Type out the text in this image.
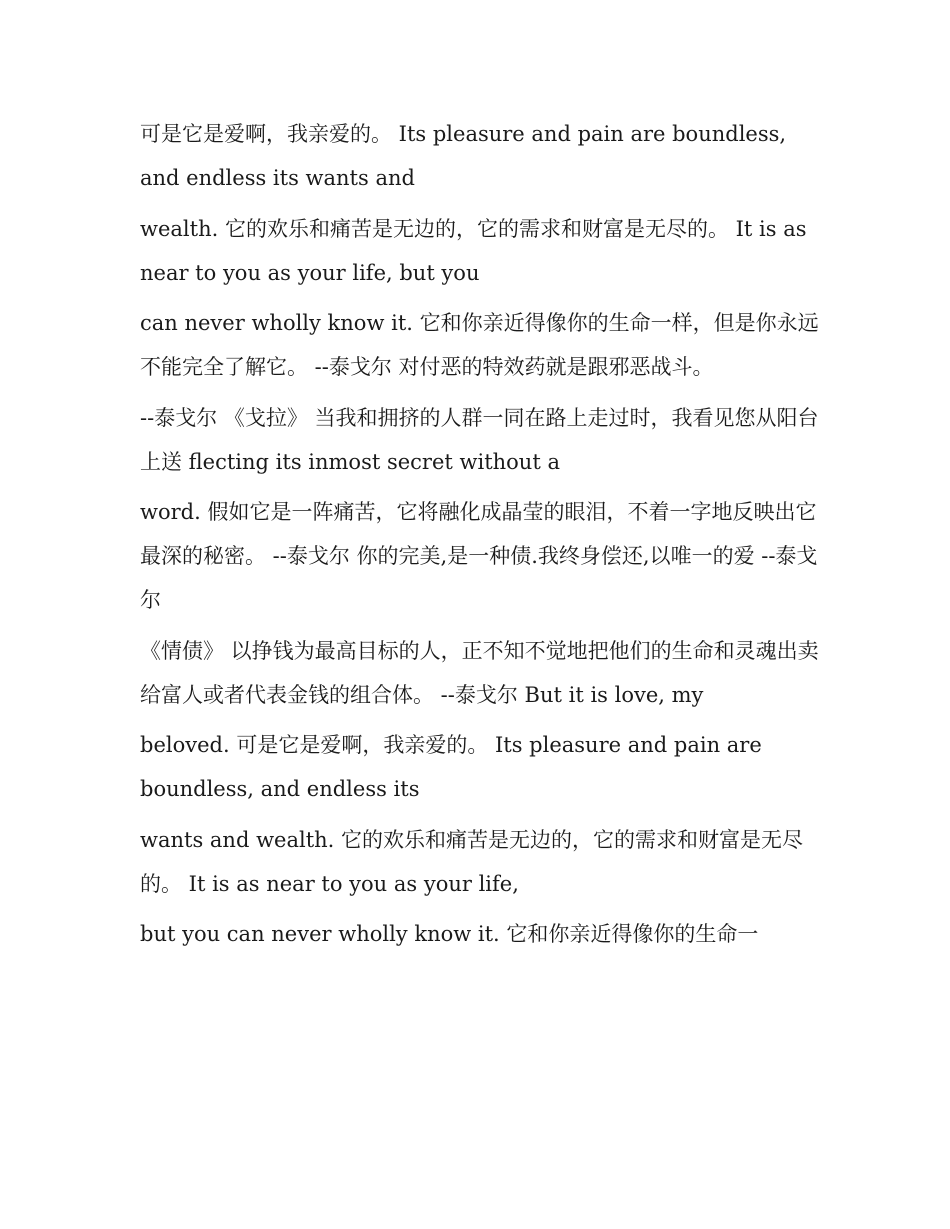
可是它是爱啊，我亲爱的。 Its pleasure and pain are boundless, and endless its wants and

wealth. 它的欢乐和痛苦是无边的，它的需求和财富是无尽的。 It is as near to you as your life, but you

can never wholly know it. 它和你亲近得像你的生命一样，但是你永远不能完全了解它。 --泰戈尔 对付恶的特效药就是跟邪恶战斗。

--泰戈尔 《戈拉》 当我和拥挤的人群一同在路上走过时，我看见您从阳台上送 flecting its inmost secret without a

word. 假如它是一阵痛苦，它将融化成晶莹的眼泪，不着一字地反映出它最深的秘密。 --泰戈尔 你的完美,是一种债.我终身偿还,以唯一的爱 --泰戈尔

《情债》 以挣钱为最高目标的人，正不知不觉地把他们的生命和灵魂出卖给富人或者代表金钱的组合体。 --泰戈尔 But it is love, my

beloved. 可是它是爱啊，我亲爱的。 Its pleasure and pain are boundless, and endless its

wants and wealth. 它的欢乐和痛苦是无边的，它的需求和财富是无尽的。 It is as near to you as your life,

but you can never wholly know it. 它和你亲近得像你的生命一
